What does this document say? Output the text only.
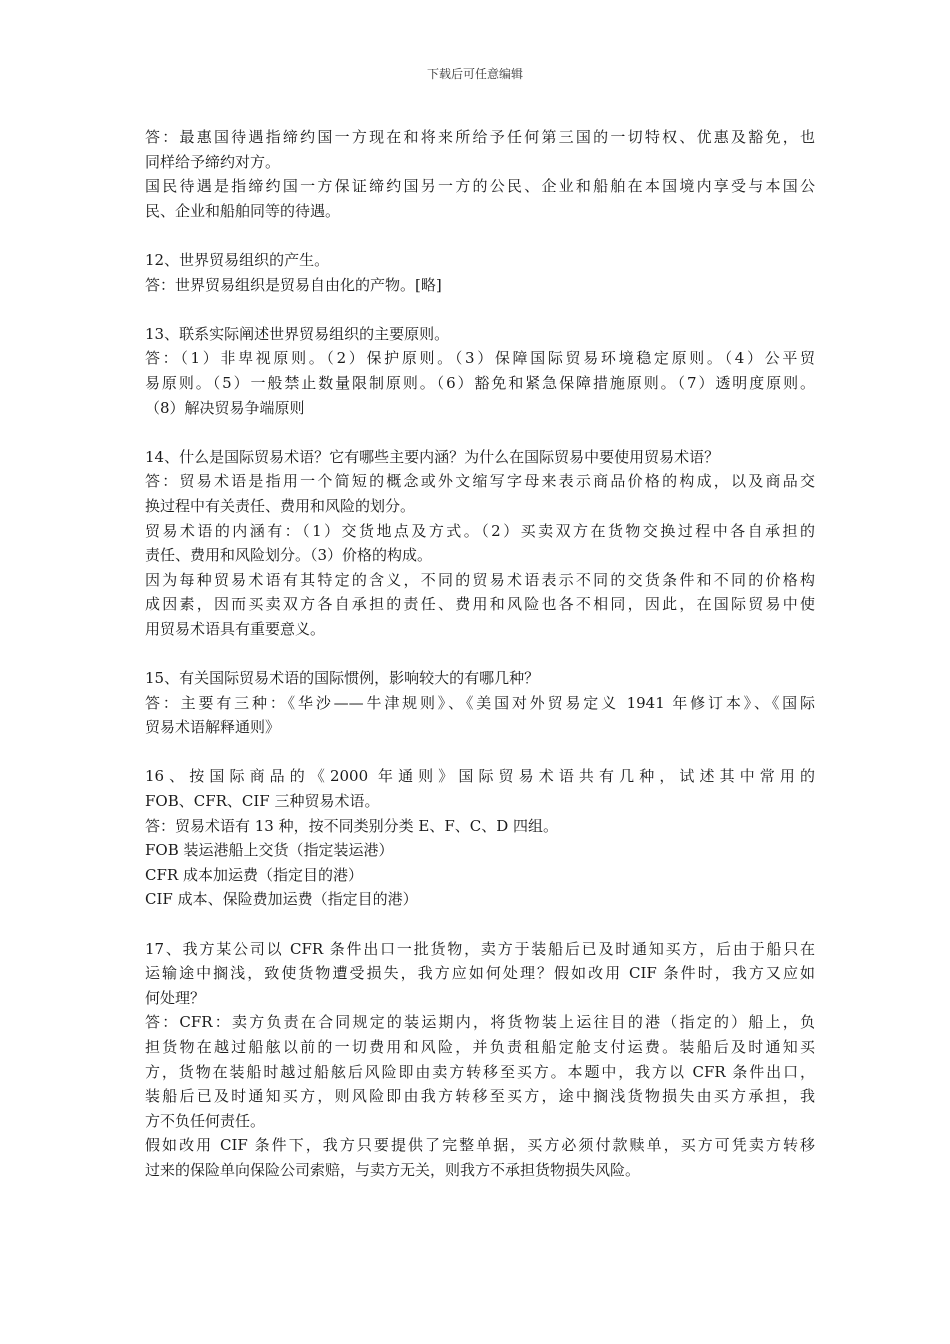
下载后可任意编辑
答：最惠国待遇指缔约国一方现在和将来所给予任何第三国的一切特权、优惠及豁免，也
同样给予缔约对方。
国民待遇是指缔约国一方保证缔约国另一方的公民、企业和船舶在本国境内享受与本国公
民、企业和船舶同等的待遇。
12、世界贸易组织的产生。
答：世界贸易组织是贸易自由化的产物。[略]
13、联系实际阐述世界贸易组织的主要原则。
答：（1）非卑视原则。（2）保护原则。（3）保障国际贸易环境稳定原则。（4）公平贸
易原则。（5）一般禁止数量限制原则。（6）豁免和紧急保障措施原则。（7）透明度原则。
（8）解决贸易争端原则
14、什么是国际贸易术语？它有哪些主要内涵？为什么在国际贸易中要使用贸易术语？
答：贸易术语是指用一个简短的概念或外文缩写字母来表示商品价格的构成，以及商品交
换过程中有关责任、费用和风险的划分。
贸易术语的内涵有：（1）交货地点及方式。（2）买卖双方在货物交换过程中各自承担的
责任、费用和风险划分。（3）价格的构成。
因为每种贸易术语有其特定的含义，不同的贸易术语表示不同的交货条件和不同的价格构
成因素，因而买卖双方各自承担的责任、费用和风险也各不相同，因此，在国际贸易中使
用贸易术语具有重要意义。
15、有关国际贸易术语的国际惯例，影响较大的有哪几种？
答：主要有三种：《华沙——牛津规则》、《美国对外贸易定义 1941 年修订本》、《国际
贸易术语解释通则》
16、按国际商品的《2000 年通则》国际贸易术语共有几种，试述其中常用的
FOB、CFR、CIF 三种贸易术语。
答：贸易术语有 13 种，按不同类别分类 E、F、C、D 四组。
FOB 装运港船上交货（指定装运港）
CFR 成本加运费（指定目的港）
CIF 成本、保险费加运费（指定目的港）
17、我方某公司以 CFR 条件出口一批货物，卖方于装船后已及时通知买方，后由于船只在
运输途中搁浅，致使货物遭受损失，我方应如何处理？假如改用 CIF 条件时，我方又应如
何处理？
答：CFR：卖方负责在合同规定的装运期内，将货物装上运往目的港（指定的）船上，负
担货物在越过船舷以前的一切费用和风险，并负责租船定舱支付运费。装船后及时通知买
方，货物在装船时越过船舷后风险即由卖方转移至买方。本题中，我方以 CFR 条件出口，
装船后已及时通知买方，则风险即由我方转移至买方，途中搁浅货物损失由买方承担，我
方不负任何责任。
假如改用 CIF 条件下，我方只要提供了完整单据，买方必须付款赎单，买方可凭卖方转移
过来的保险单向保险公司索赔，与卖方无关，则我方不承担货物损失风险。
